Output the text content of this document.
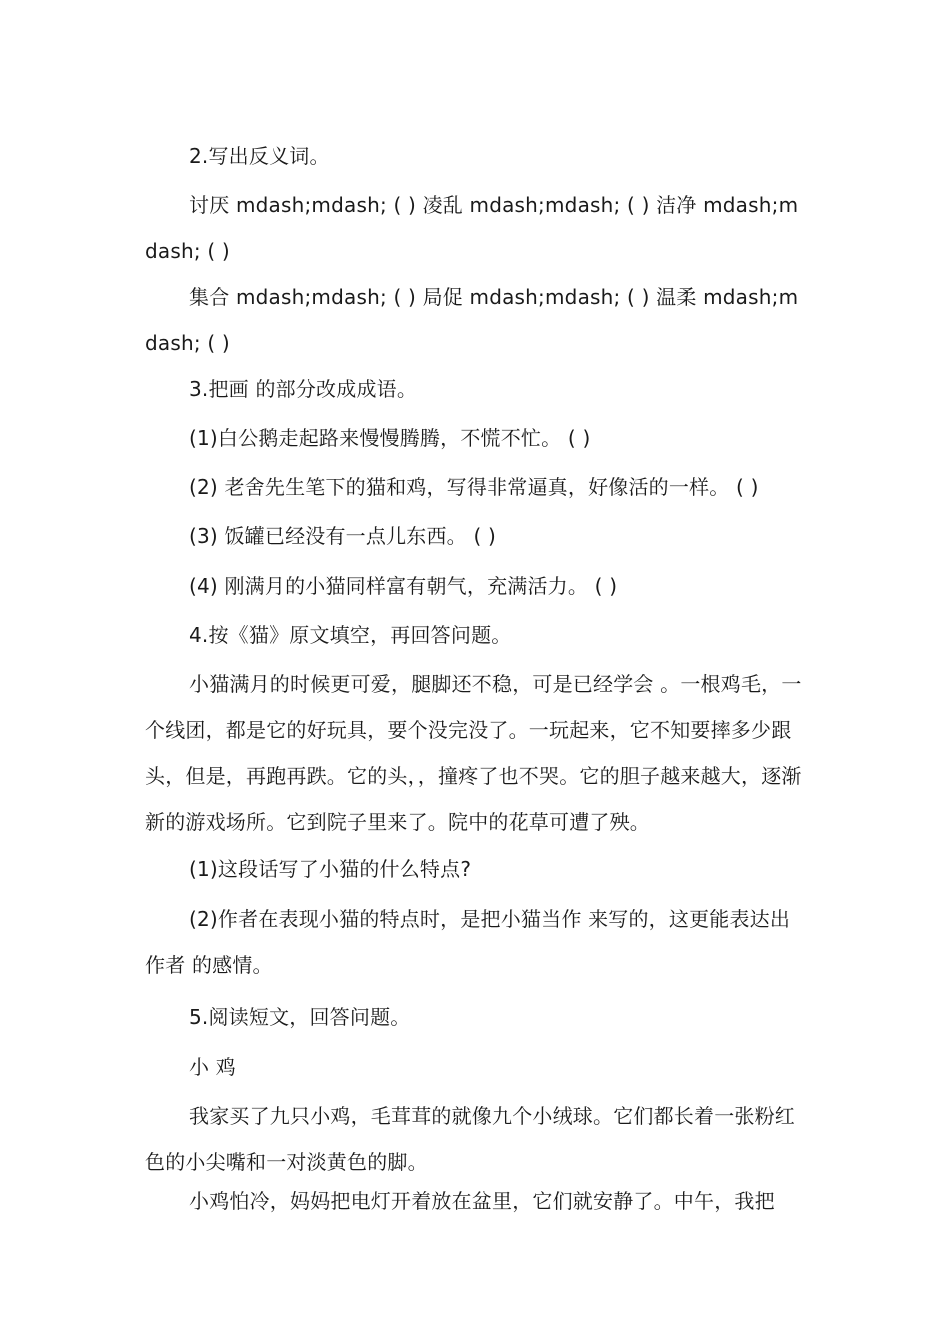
2.写出反义词。

讨厌 mdash;mdash; ( ) 凌乱 mdash;mdash; ( ) 洁净 mdash;mdash; ( )

集合 mdash;mdash; ( ) 局促 mdash;mdash; ( ) 温柔 mdash;mdash; ( )

3.把画 的部分改成成语。

(1)白公鹅走起路来慢慢腾腾，不慌不忙。 ( )

(2) 老舍先生笔下的猫和鸡，写得非常逼真，好像活的一样。 ( )

(3) 饭罐已经没有一点儿东西。 ( )

(4) 刚满月的小猫同样富有朝气，充满活力。 ( )

4.按《猫》原文填空，再回答问题。

小猫满月的时候更可爱，腿脚还不稳，可是已经学会 。一根鸡毛，一个线团，都是它的好玩具，要个没完没了。一玩起来，它不知要摔多少跟头，但是，再跑再跌。它的头，，撞疼了也不哭。它的胆子越来越大，逐渐 新的游戏场所。它到院子里来了。院中的花草可遭了殃。

(1)这段话写了小猫的什么特点?

(2)作者在表现小猫的特点时，是把小猫当作 来写的，这更能表达出作者 的感情。

5.阅读短文，回答问题。

小 鸡

我家买了九只小鸡，毛茸茸的就像九个小绒球。它们都长着一张粉红色的小尖嘴和一对淡黄色的脚。

小鸡怕冷，妈妈把电灯开着放在盆里，它们就安静了。中午，我把
